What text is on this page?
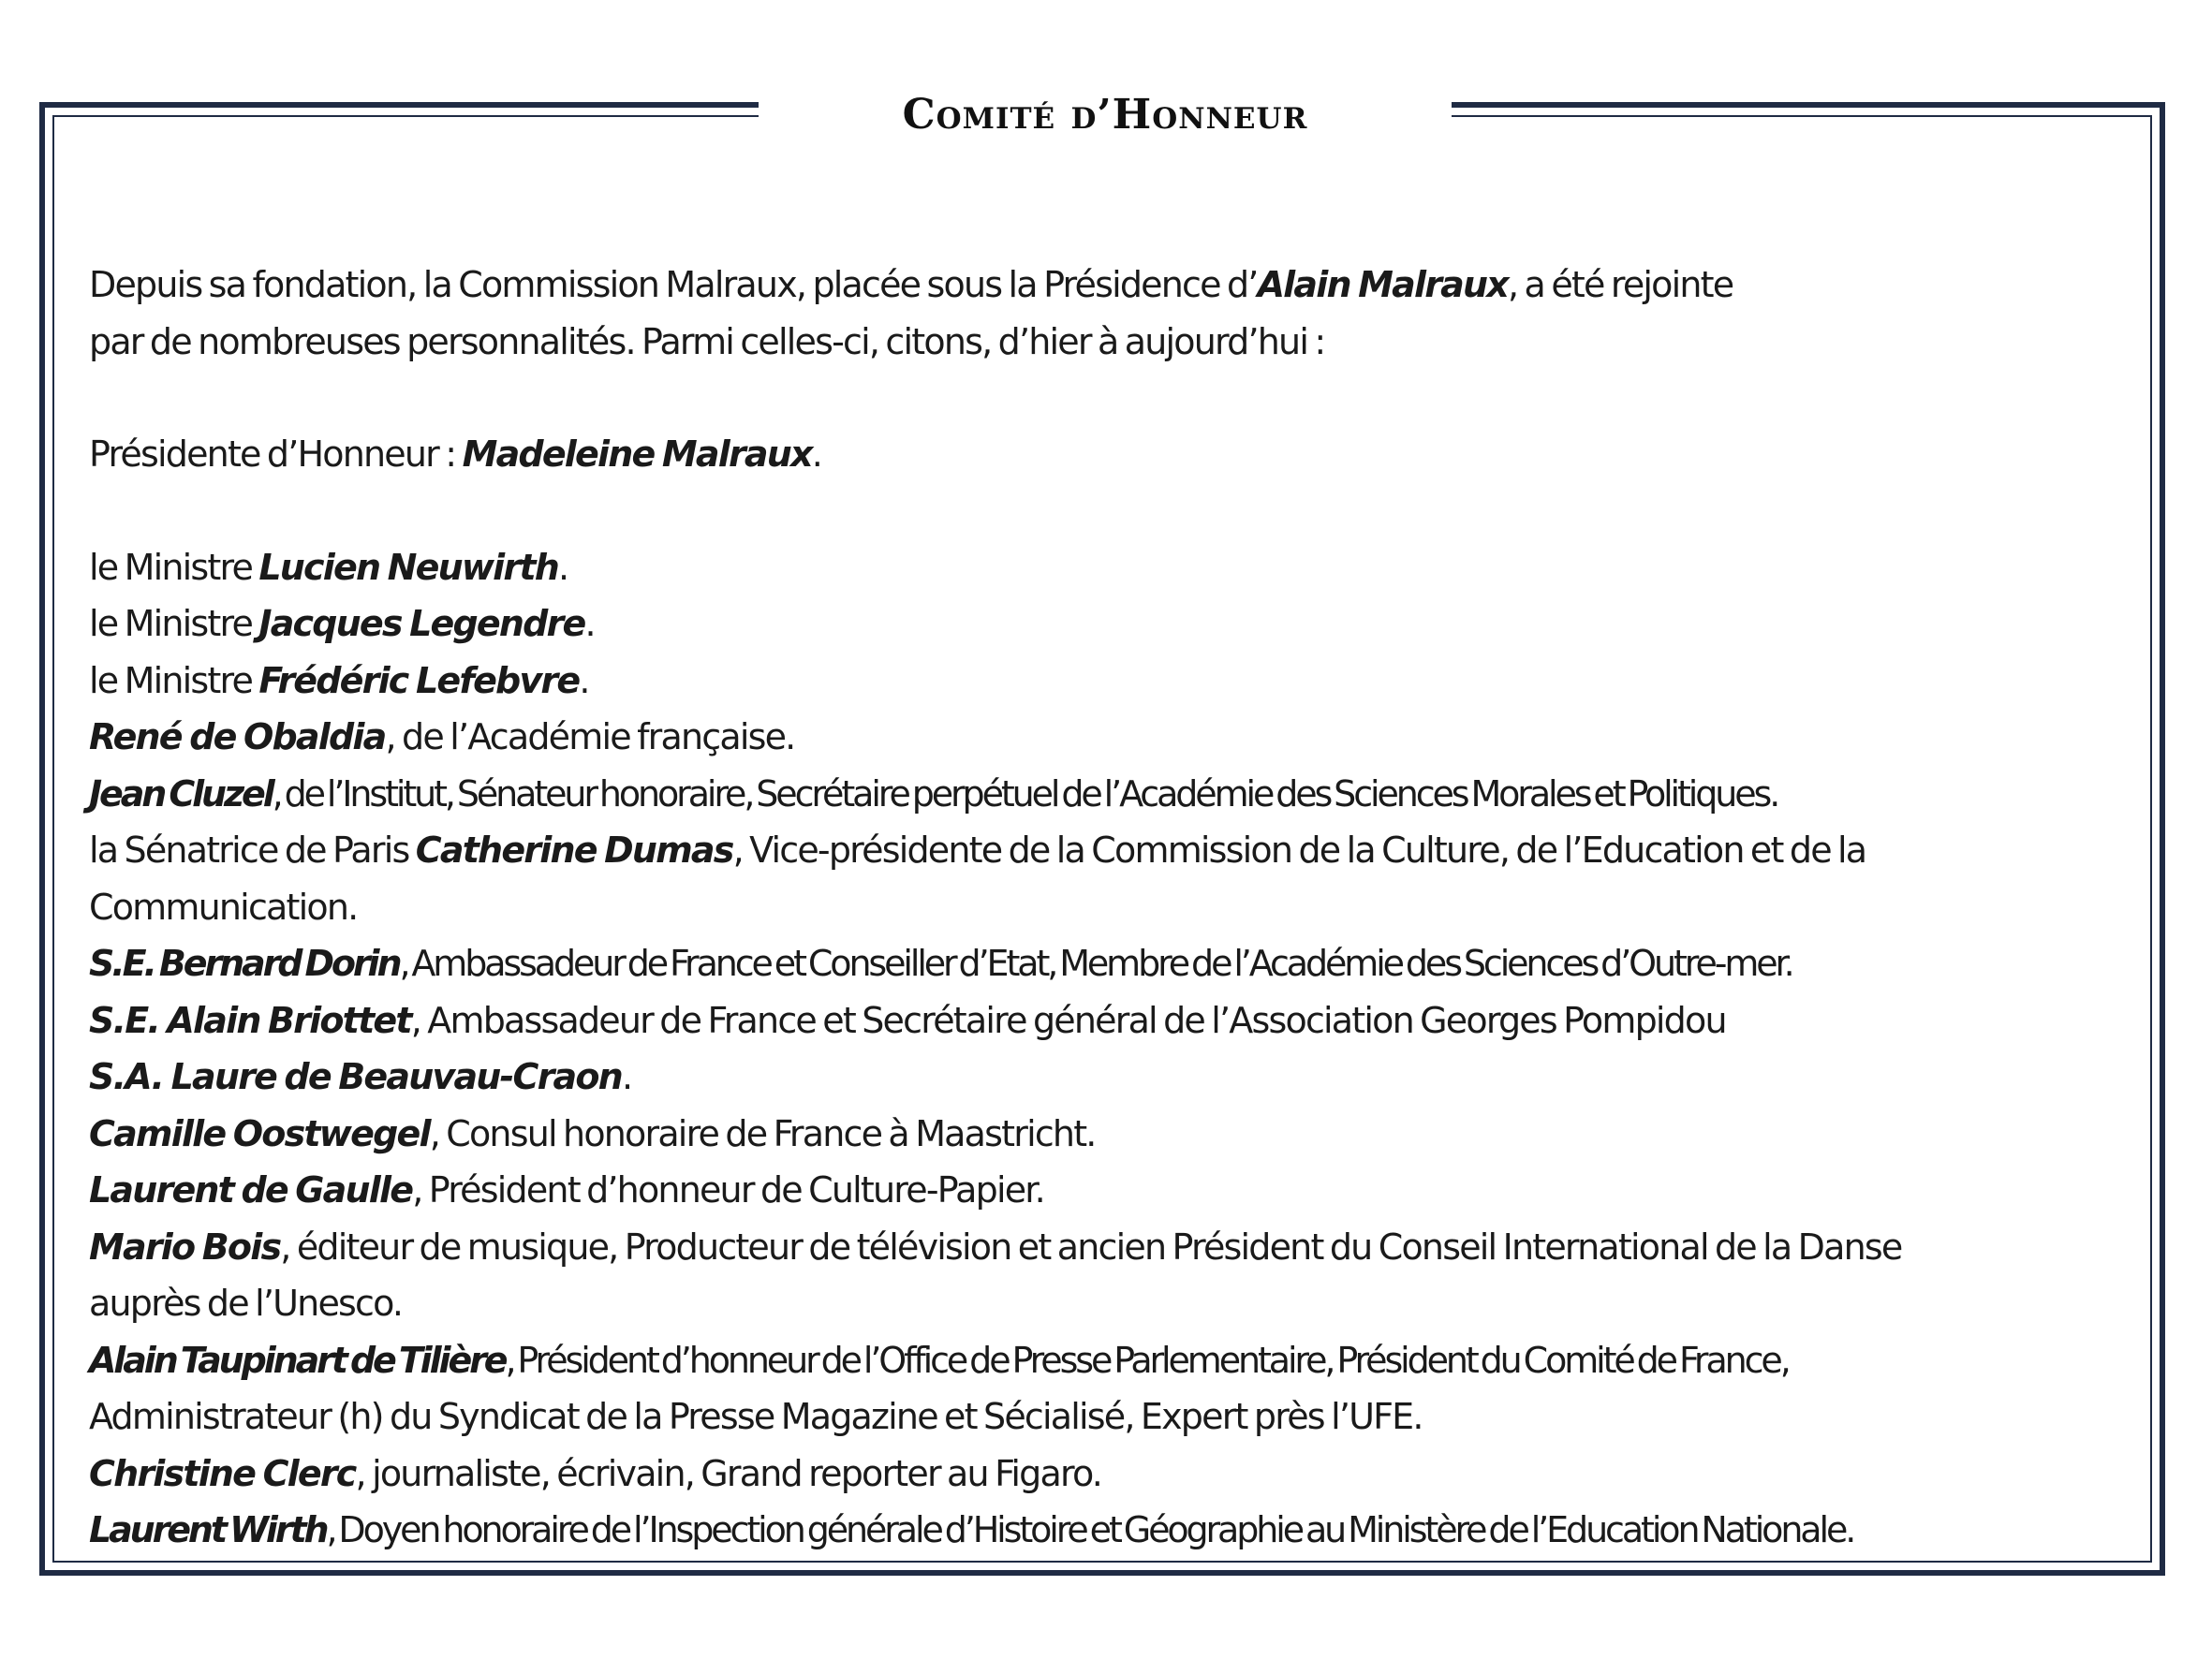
Comité d’Honneur

Depuis sa fondation, la Commission Malraux, placée sous la Présidence d’Alain Malraux, a été rejointe

par de nombreuses personnalités. Parmi celles-ci, citons, d’hier à aujourd’hui :

Présidente d’Honneur : Madeleine Malraux.

le Ministre Lucien Neuwirth.

le Ministre Jacques Legendre.

le Ministre Frédéric Lefebvre.

René de Obaldia, de l’Académie française.

Jean Cluzel, de l’Institut, Sénateur honoraire, Secrétaire perpétuel de l’Académie des Sciences Morales et Politiques.

la Sénatrice de Paris Catherine Dumas, Vice-présidente de la Commission de la Culture, de l’Education et de la

Communication.

S.E. Bernard Dorin, Ambassadeur de France et Conseiller d’Etat, Membre de l’Académie des Sciences d’Outre-mer.

S.E. Alain Briottet, Ambassadeur de France et Secrétaire général de l’Association Georges Pompidou

S.A. Laure de Beauvau-Craon.

Camille Oostwegel, Consul honoraire de France à Maastricht.

Laurent de Gaulle, Président d’honneur de Culture-Papier.

Mario Bois, éditeur de musique, Producteur de télévision et ancien Président du Conseil International de la Danse

auprès de l’Unesco.

Alain Taupinart de Tilière, Président d’honneur de l’Office de Presse Parlementaire, Président du Comité de France,

Administrateur (h) du Syndicat de la Presse Magazine et Sécialisé, Expert près l’UFE.

Christine Clerc, journaliste, écrivain, Grand reporter au Figaro.

Laurent Wirth, Doyen honoraire de l’Inspection générale d’Histoire et Géographie au Ministère de l’Education Nationale.
